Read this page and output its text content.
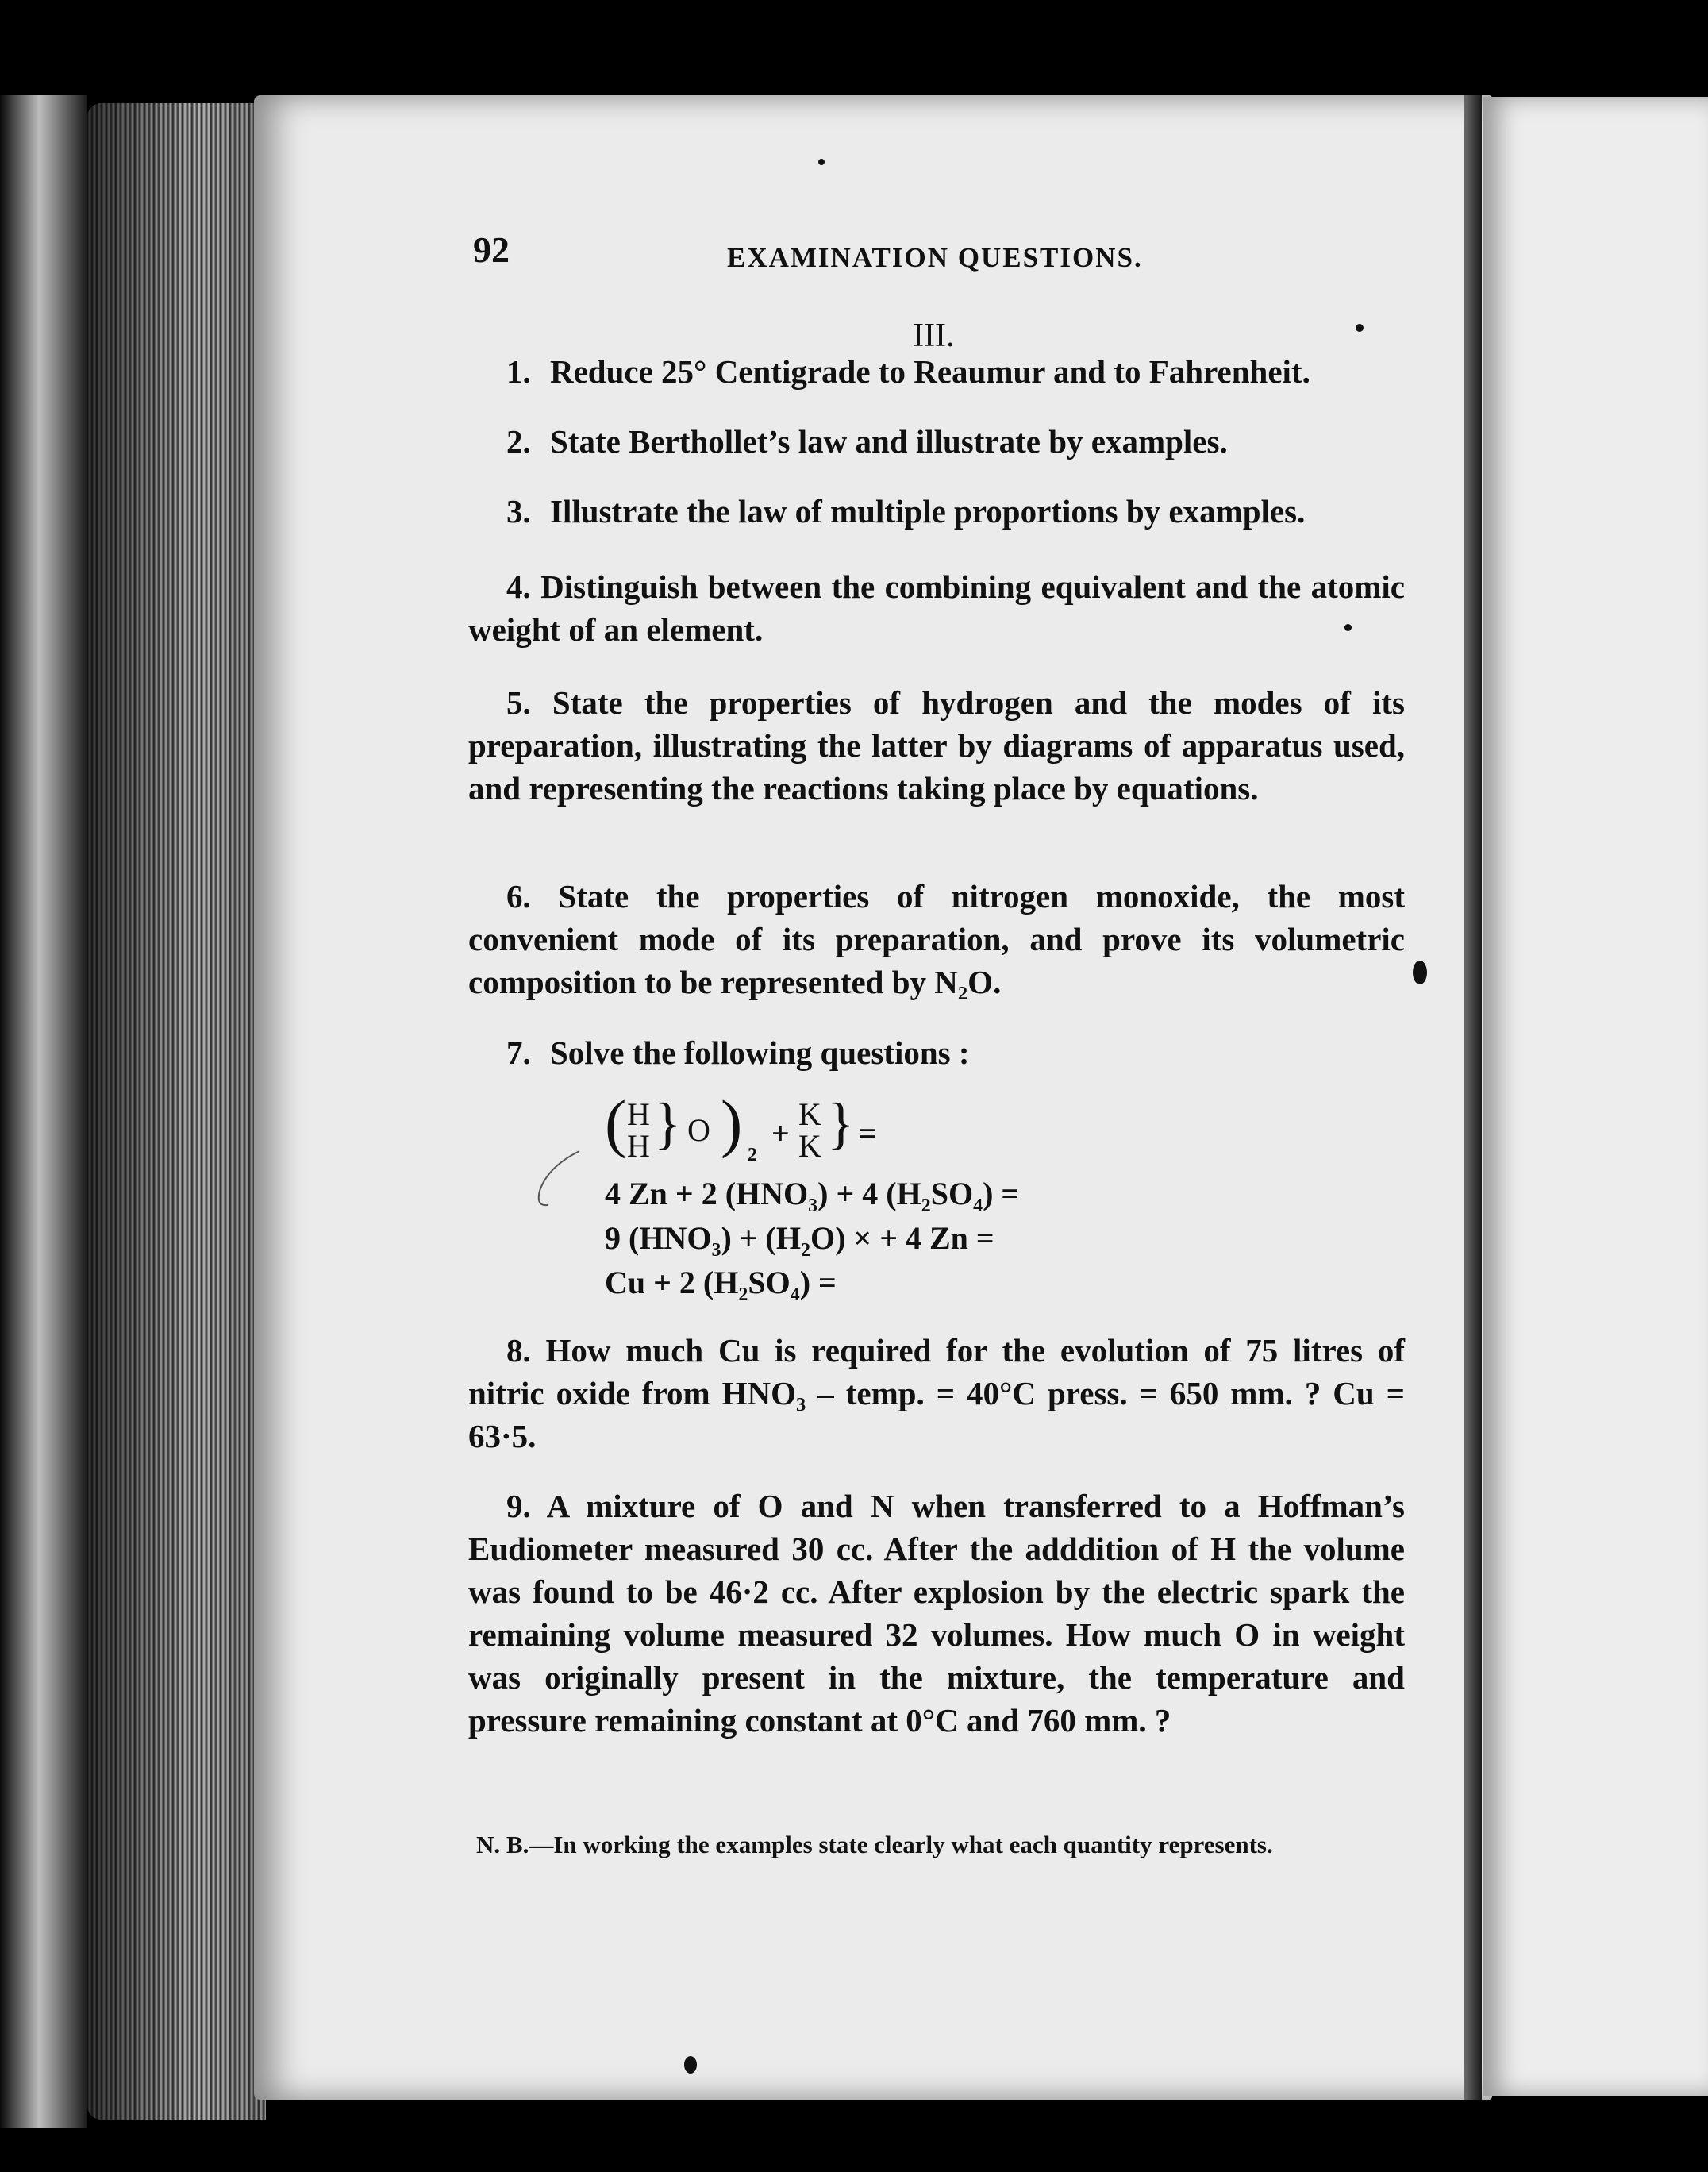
92	EXAMINATION QUESTIONS.
III.
1. Reduce 25° Centigrade to Reaumur and to Fahrenheit.
2. State Berthollet’s law and illustrate by examples.
3. Illustrate the law of multiple proportions by examples.
4. Distinguish between the combining equivalent and the atomic weight of an element.
5. State the properties of hydrogen and the modes of its preparation, illustrating the latter by diagrams of apparatus used, and representing the reactions taking place by equations.
6. State the properties of nitrogen monoxide, the most convenient mode of its preparation, and prove its volumetric composition to be represented by N₂O.
7. Solve the following questions :
( H
H } O ) 2
+
K
K } =
4 Zn + 2 $(HNO_3) + 4$ $(H_2SO_4)$ =
9 $(HNO_3) + (H_2O)$ × + 4 Zn =
Cu + 2 $(H_2SO_4)$ =
8. How much Cu is required for the evolution of 75 litres of nitric oxide from HNO₃ – temp. = 40°C press. = 650 mm. ? Cu = 63·5.
9. A mixture of O and N when transferred to a Hoffman’s Eudiometer measured 30 cc. After the adddition of H the volume was found to be 46·2 cc. After explosion by the electric spark the remaining volume measured 32 volumes. How much O in weight was originally present in the mixture, the temperature and pressure remaining constant at 0°C and 760 mm. ?
N. B.—In working the examples state clearly what each quantity represents.
